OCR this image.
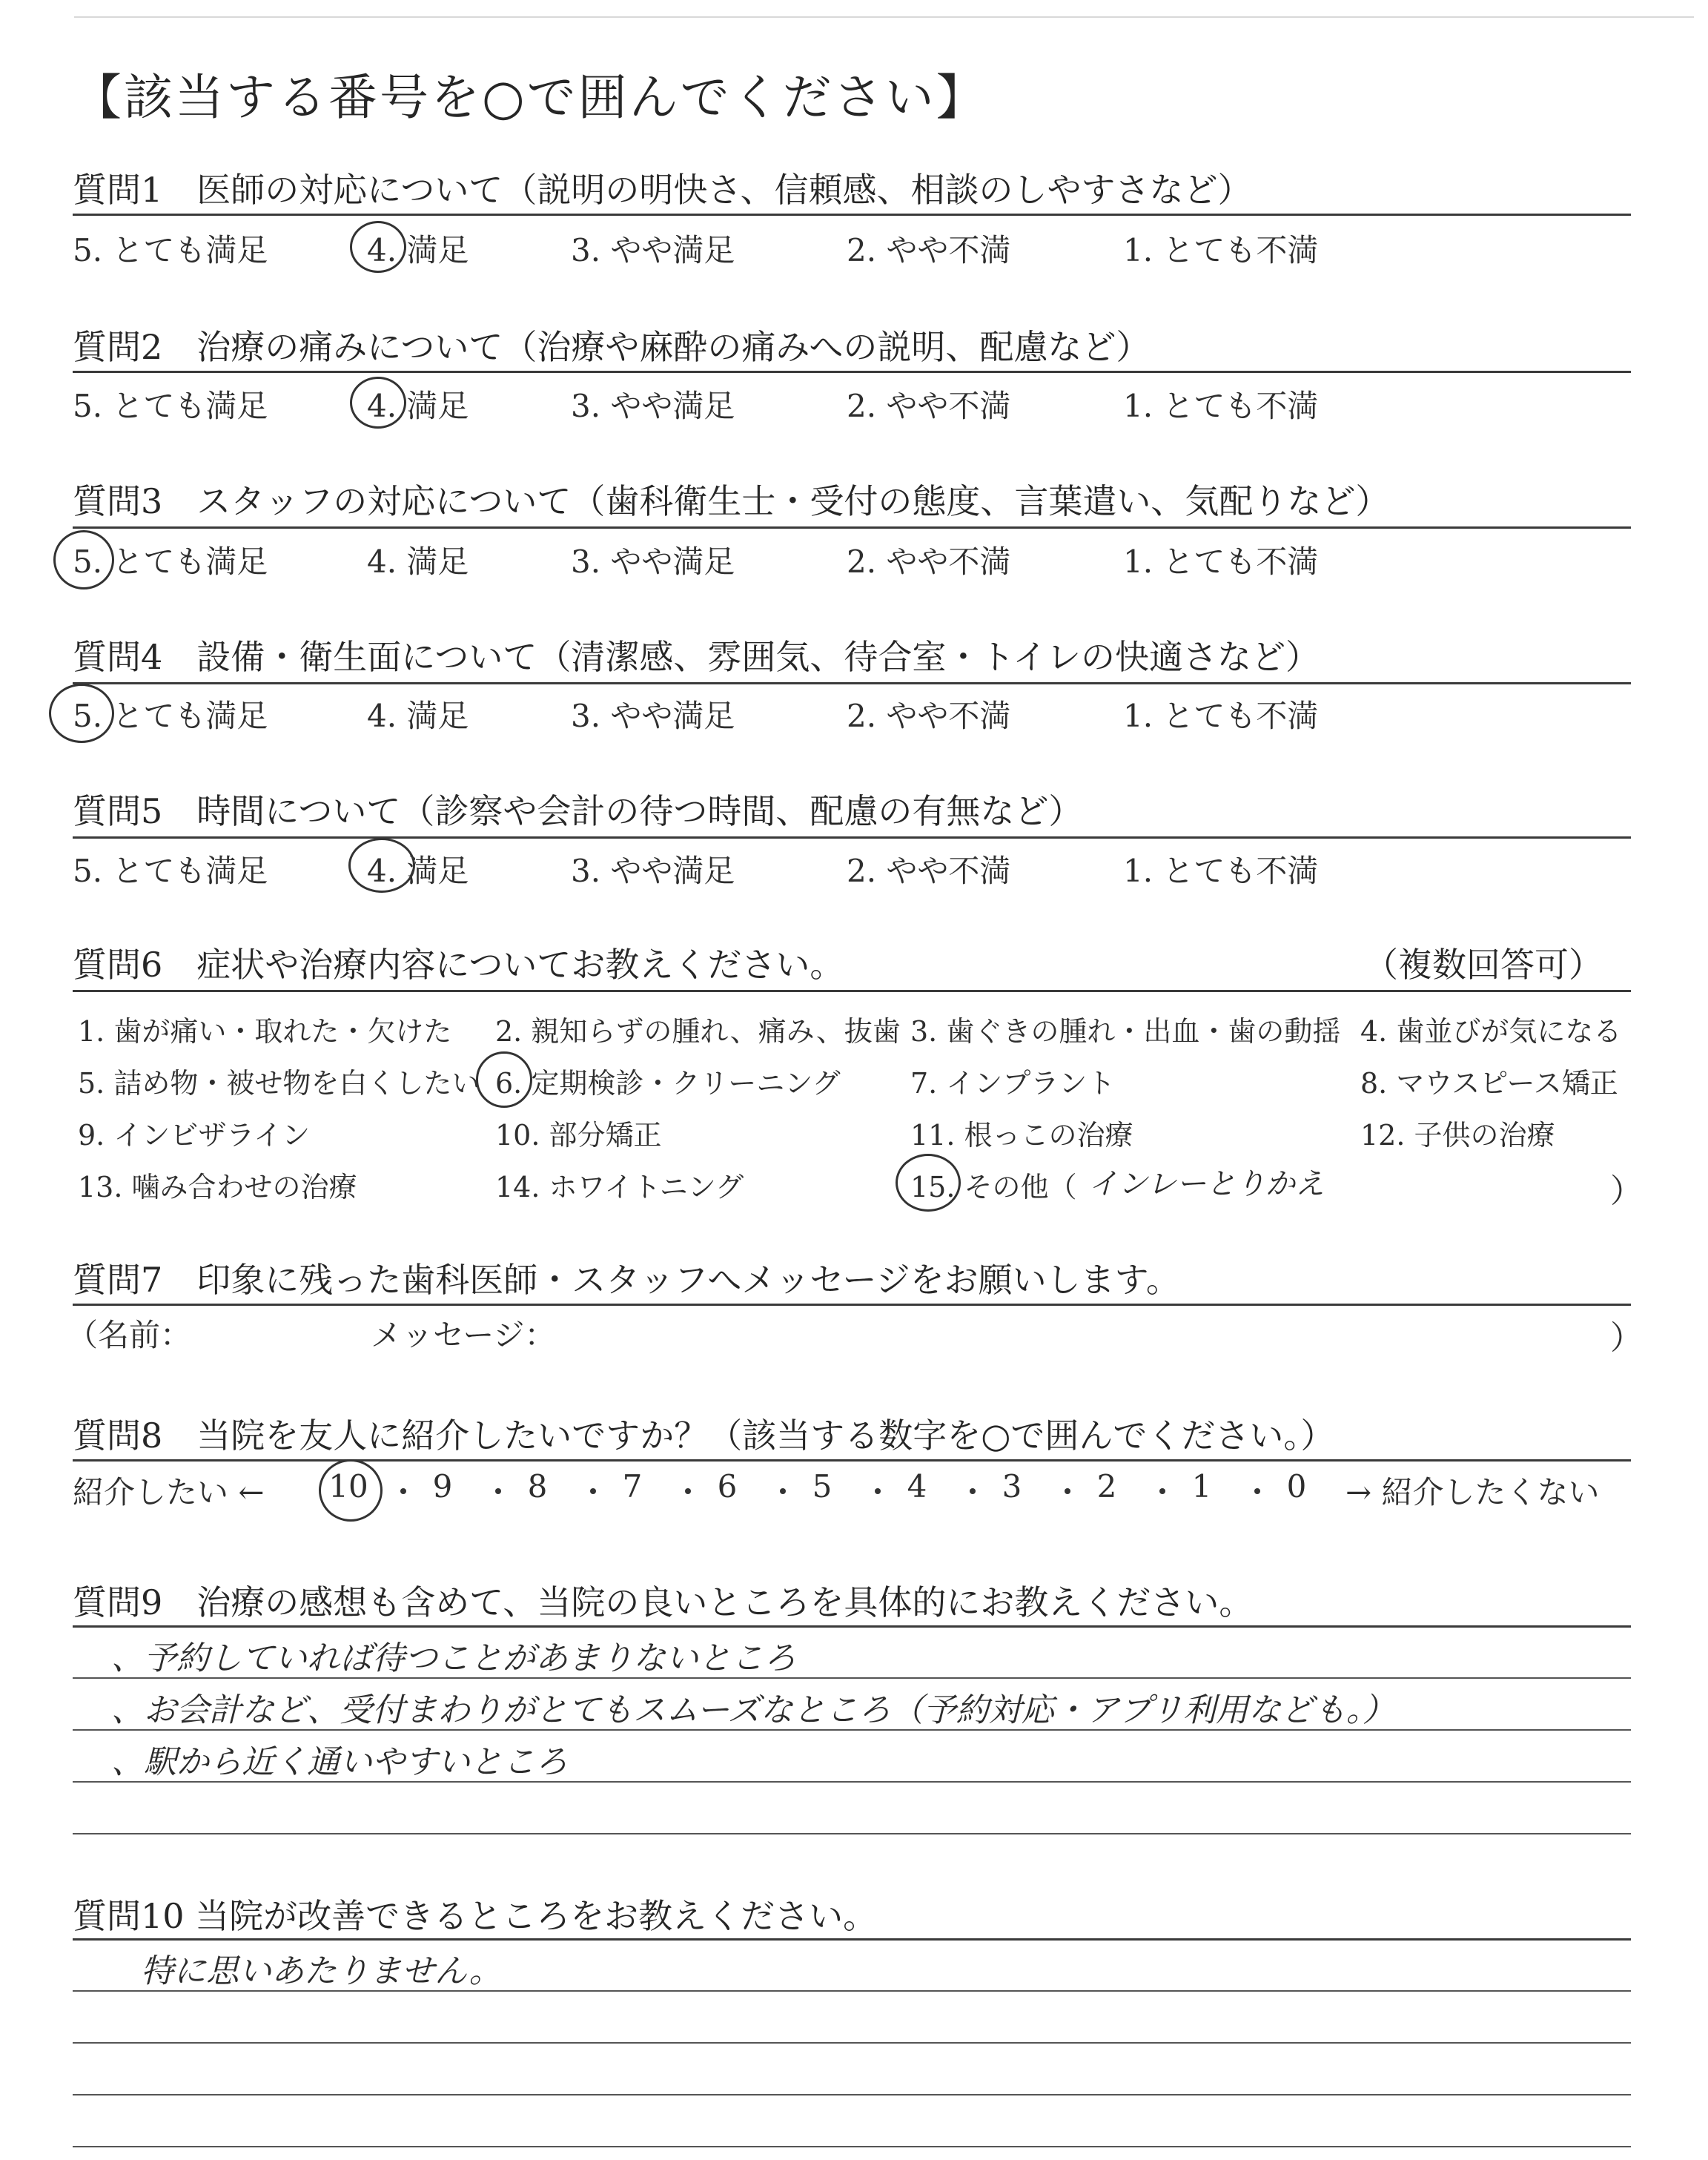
【該当する番号を○で囲んでください】
質問1　医師の対応について（説明の明快さ、信頼感、相談のしやすさなど）
5. とても満足	4. 満足	3. やや満足	2. やや不満	1. とても不満
質問2　治療の痛みについて（治療や麻酔の痛みへの説明、配慮など）
5. とても満足	4. 満足	3. やや満足	2. やや不満	1. とても不満
質問3　スタッフの対応について（歯科衛生士・受付の態度、言葉遣い、気配りなど）
5. とても満足	4. 満足	3. やや満足	2. やや不満	1. とても不満
質問4　設備・衛生面について（清潔感、雰囲気、待合室・トイレの快適さなど）
5. とても満足	4. 満足	3. やや満足	2. やや不満	1. とても不満
質問5　時間について（診察や会計の待つ時間、配慮の有無など）
5. とても満足	4. 満足	3. やや満足	2. やや不満	1. とても不満
質問6　症状や治療内容についてお教えください。	（複数回答可）
1. 歯が痛い・取れた・欠けた 2. 親知らずの腫れ、痛み、抜歯 3. 歯ぐきの腫れ・出血・歯の動揺 4. 歯並びが気になる
5. 詰め物・被せ物を白くしたい 6. 定期検診・クリーニング 7. インプラント	8. マウスピース矯正
9. インビザライン	10. 部分矯正	11. 根っこの治療	12. 子供の治療
13. 噛み合わせの治療	14. ホワイトニング	15. その他（ インレーとりかえ	）
質問7　印象に残った歯科医師・スタッフへメッセージをお願いします。
（名前：	メッセージ：	）
質問8　当院を友人に紹介したいですか？（該当する数字を○で囲んでください。）
紹介したい ← 10 9 8 7 6 5 4 3 2 1 0 → 紹介したくない
質問9　治療の感想も含めて、当院の良いところを具体的にお教えください。
、予約していれば待つことがあまりないところ
、お会計など、受付まわりがとてもスムーズなところ（予約対応・アプリ利用なども。）
、駅から近く通いやすいところ
質問10 当院が改善できるところをお教えください。
特に思いあたりません。
